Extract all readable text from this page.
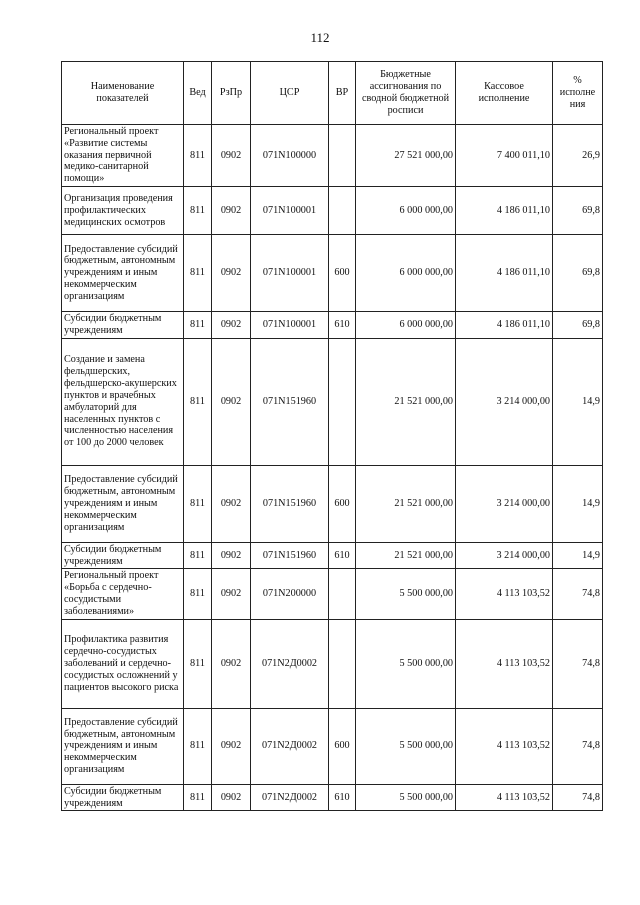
112
Наименование показателей	Вед	РзПр	ЦСР	ВР	Бюджетные ассигнования по сводной бюджетной росписи	Кассовое исполнение	% исполне ния
Региональный проект «Развитие системы оказания первичной медико-санитарной помощи»	811	0902	071N100000		27 521 000,00	7 400 011,10	26,9
Организация проведения профилактических медицинских осмотров	811	0902	071N100001		6 000 000,00	4 186 011,10	69,8
Предоставление субсидий бюджетным, автономным учреждениям и иным некоммерческим организациям	811	0902	071N100001	600	6 000 000,00	4 186 011,10	69,8
Субсидии бюджетным учреждениям	811	0902	071N100001	610	6 000 000,00	4 186 011,10	69,8
Создание и замена фельдшерских, фельдшерско-акушерских пунктов и врачебных амбулаторий для населенных пунктов с численностью населения от 100 до 2000 человек	811	0902	071N151960		21 521 000,00	3 214 000,00	14,9
Предоставление субсидий бюджетным, автономным учреждениям и иным некоммерческим организациям	811	0902	071N151960	600	21 521 000,00	3 214 000,00	14,9
Субсидии бюджетным учреждениям	811	0902	071N151960	610	21 521 000,00	3 214 000,00	14,9
Региональный проект «Борьба с сердечно-сосудистыми заболеваниями»	811	0902	071N200000		5 500 000,00	4 113 103,52	74,8
Профилактика развития сердечно-сосудистых заболеваний и сердечно-сосудистых осложнений у пациентов высокого риска	811	0902	071N2Д0002		5 500 000,00	4 113 103,52	74,8
Предоставление субсидий бюджетным, автономным учреждениям и иным некоммерческим организациям	811	0902	071N2Д0002	600	5 500 000,00	4 113 103,52	74,8
Субсидии бюджетным учреждениям	811	0902	071N2Д0002	610	5 500 000,00	4 113 103,52	74,8
